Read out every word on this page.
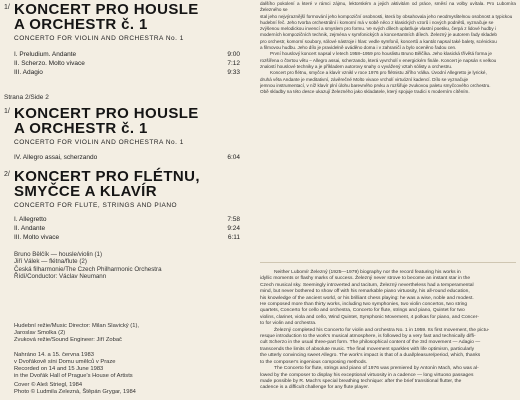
1/ KONCERT PRO HOUSLE
A ORCHESTR č. 1
CONCERTO FOR VIOLIN AND ORCHESTRA No. 1
I. Preludium. Andante	9:00
II. Scherzo. Molto vivace	7:12
III. Adagio	9:33
Strana 2/Side 2
1/ KONCERT PRO HOUSLE
A ORCHESTR č. 1
CONCERTO FOR VIOLIN AND ORCHESTRA No. 1
IV. Allegro assai, scherzando	6:04
2/ KONCERT PRO FLÉTNU,
SMYČCE A KLAVÍR
CONCERTO FOR FLUTE, STRINGS AND PIANO
I. Allegretto	7:58
II. Andante	9:24
III. Molto vivace	6:11
Bruno Bělčík — housle/violin (1)
Jiří Válek — flétna/flute (2)
Česká filharmonie/The Czech Philharmonic Orchestra
Řídí/Conductor: Václav Neumann
Hudební režie/Music Director: Milan Slavický (1),
Jaroslav Smolka (2)
Zvuková režie/Sound Engineer: Jiří Zobač
Nahráno 14. a 15. června 1983
v Dvořákově síni Domu umělců v Praze
Recorded on 14 and 15 June 1983
in the Dvořák Hall of Prague's House of Artists
Cover © Aleš Striegl, 1984
Photo © Ludmila Zeleznà, Štěpán Grygar, 1984

dalšího pokolení a které v rámci zájmu, lektorském a jejich aktivitám od práce, směsí na volby uvítala. Pro Lubomíra Železného se

stal jeho nejvýraznější formování jeho kompoziční osobnosti, která by obsahovala jeho neodmyslitelnou osobnost a typickou

hudební řeč. Jeho tvorba orchestrální i komorní má v sobě něco z klasických vzorů i nových podnětů, vyznačuje se

zvýšenou melodickou invencí a smyslem pro formu. Ve svých dílech uplatňuje vlastní poetiku, čerpá z lidové hudby i

moderních kompozičních technik, zejména v symfonických a koncertantních dílech. Železný je autorem řady skladeb

pro orchestr, komorní soubory, sólové nástroje i hlas: vedle symfonií, koncertů a kantát napsal také balety, scénickou

a filmovou hudbu. Jeho dílo je pravidelně uváděno doma i v zahraničí a bylo oceněno řadou cen.

První houslový koncert napsal v letech 1958–1959 pro houslistu Bruno Bělčíka. Jeho klasická třívětá forma je

rozšířena o čtvrtou větu – Allegro assai, scherzando, která vyvrcholí v energickém finále. Koncert je napsán s velkou

znalostí houslové techniky a je příkladem autorovy snahy o vyvážený vztah sólisty a orchestru.

Koncert pro flétnu, smyčce a klavír vznikl v roce 1976 pro flétnistu Jiřího Válka. Úvodní Allegretto je lyrické,

druhá věta Andante je meditativní, závěrečné Molto vivace vrcholí virtuózní kadencí. Dílo se vyznačuje

jemnou instrumentací, v níž klavír plní úlohu barevného prvku a rozšiřuje zvukovou paletu smyčcového orchestru.

Obě skladby na této desce ukazují Železného jako skladatele, který spojuje tradici s moderním cítěním.

Neither Lubomír Železný (1925—1979) biography nor the record featuring his works in

idyllic moments or flashy marks of success. Železný never strove to become an instant star in the

Czech musical sky. Seemingly introverted and taciturn, Železný nevertheless had a temperamental

mind, but never bothered to show off with his remarkable piano virtuosity, his all-round education,

his knowledge of the ancient world, or his brilliant chess playing: he was a wise, noble and modest.

He composed more than thirty works, including two symphonies, two violin concertos, two string

quartets, Concerto for cello and orchestra, Concerto for flute, strings and piano, Quintet for two

violins, clarinet, viola and cello, Wind Quintet, Symphonic Movement, 4 polkas for piano, and Concer-

to for violin and orchestra.

Železný completed his Concerto for violin and orchestra No. 1 in 1959. Its first movement, the pictu-

resque introduction to the work's musical atmosphere, is followed by a very fast and technically diffi-

cult Scherzo in the usual three-part form. The philosophical content of the 3rd movement — Adagio —

transcends the limits of absolute music. The final movement sparkles with life optimism, particularly

the utterly convincing sweet Allegro. The work's impact is that of a dual/pleasure/period, which, thanks

to the composer's ingenious composing methods.

The Concerto for flute, strings and piano of 1976 was premiered by Antonín Mach, who was al-

lowed by the composer to display his exceptional virtuosity in a cadence — long virtuoso passages

made possible by R. Mach's special breathing technique: after the brief transitional flutter, the

cadence is a difficult challenge for any flute player.
